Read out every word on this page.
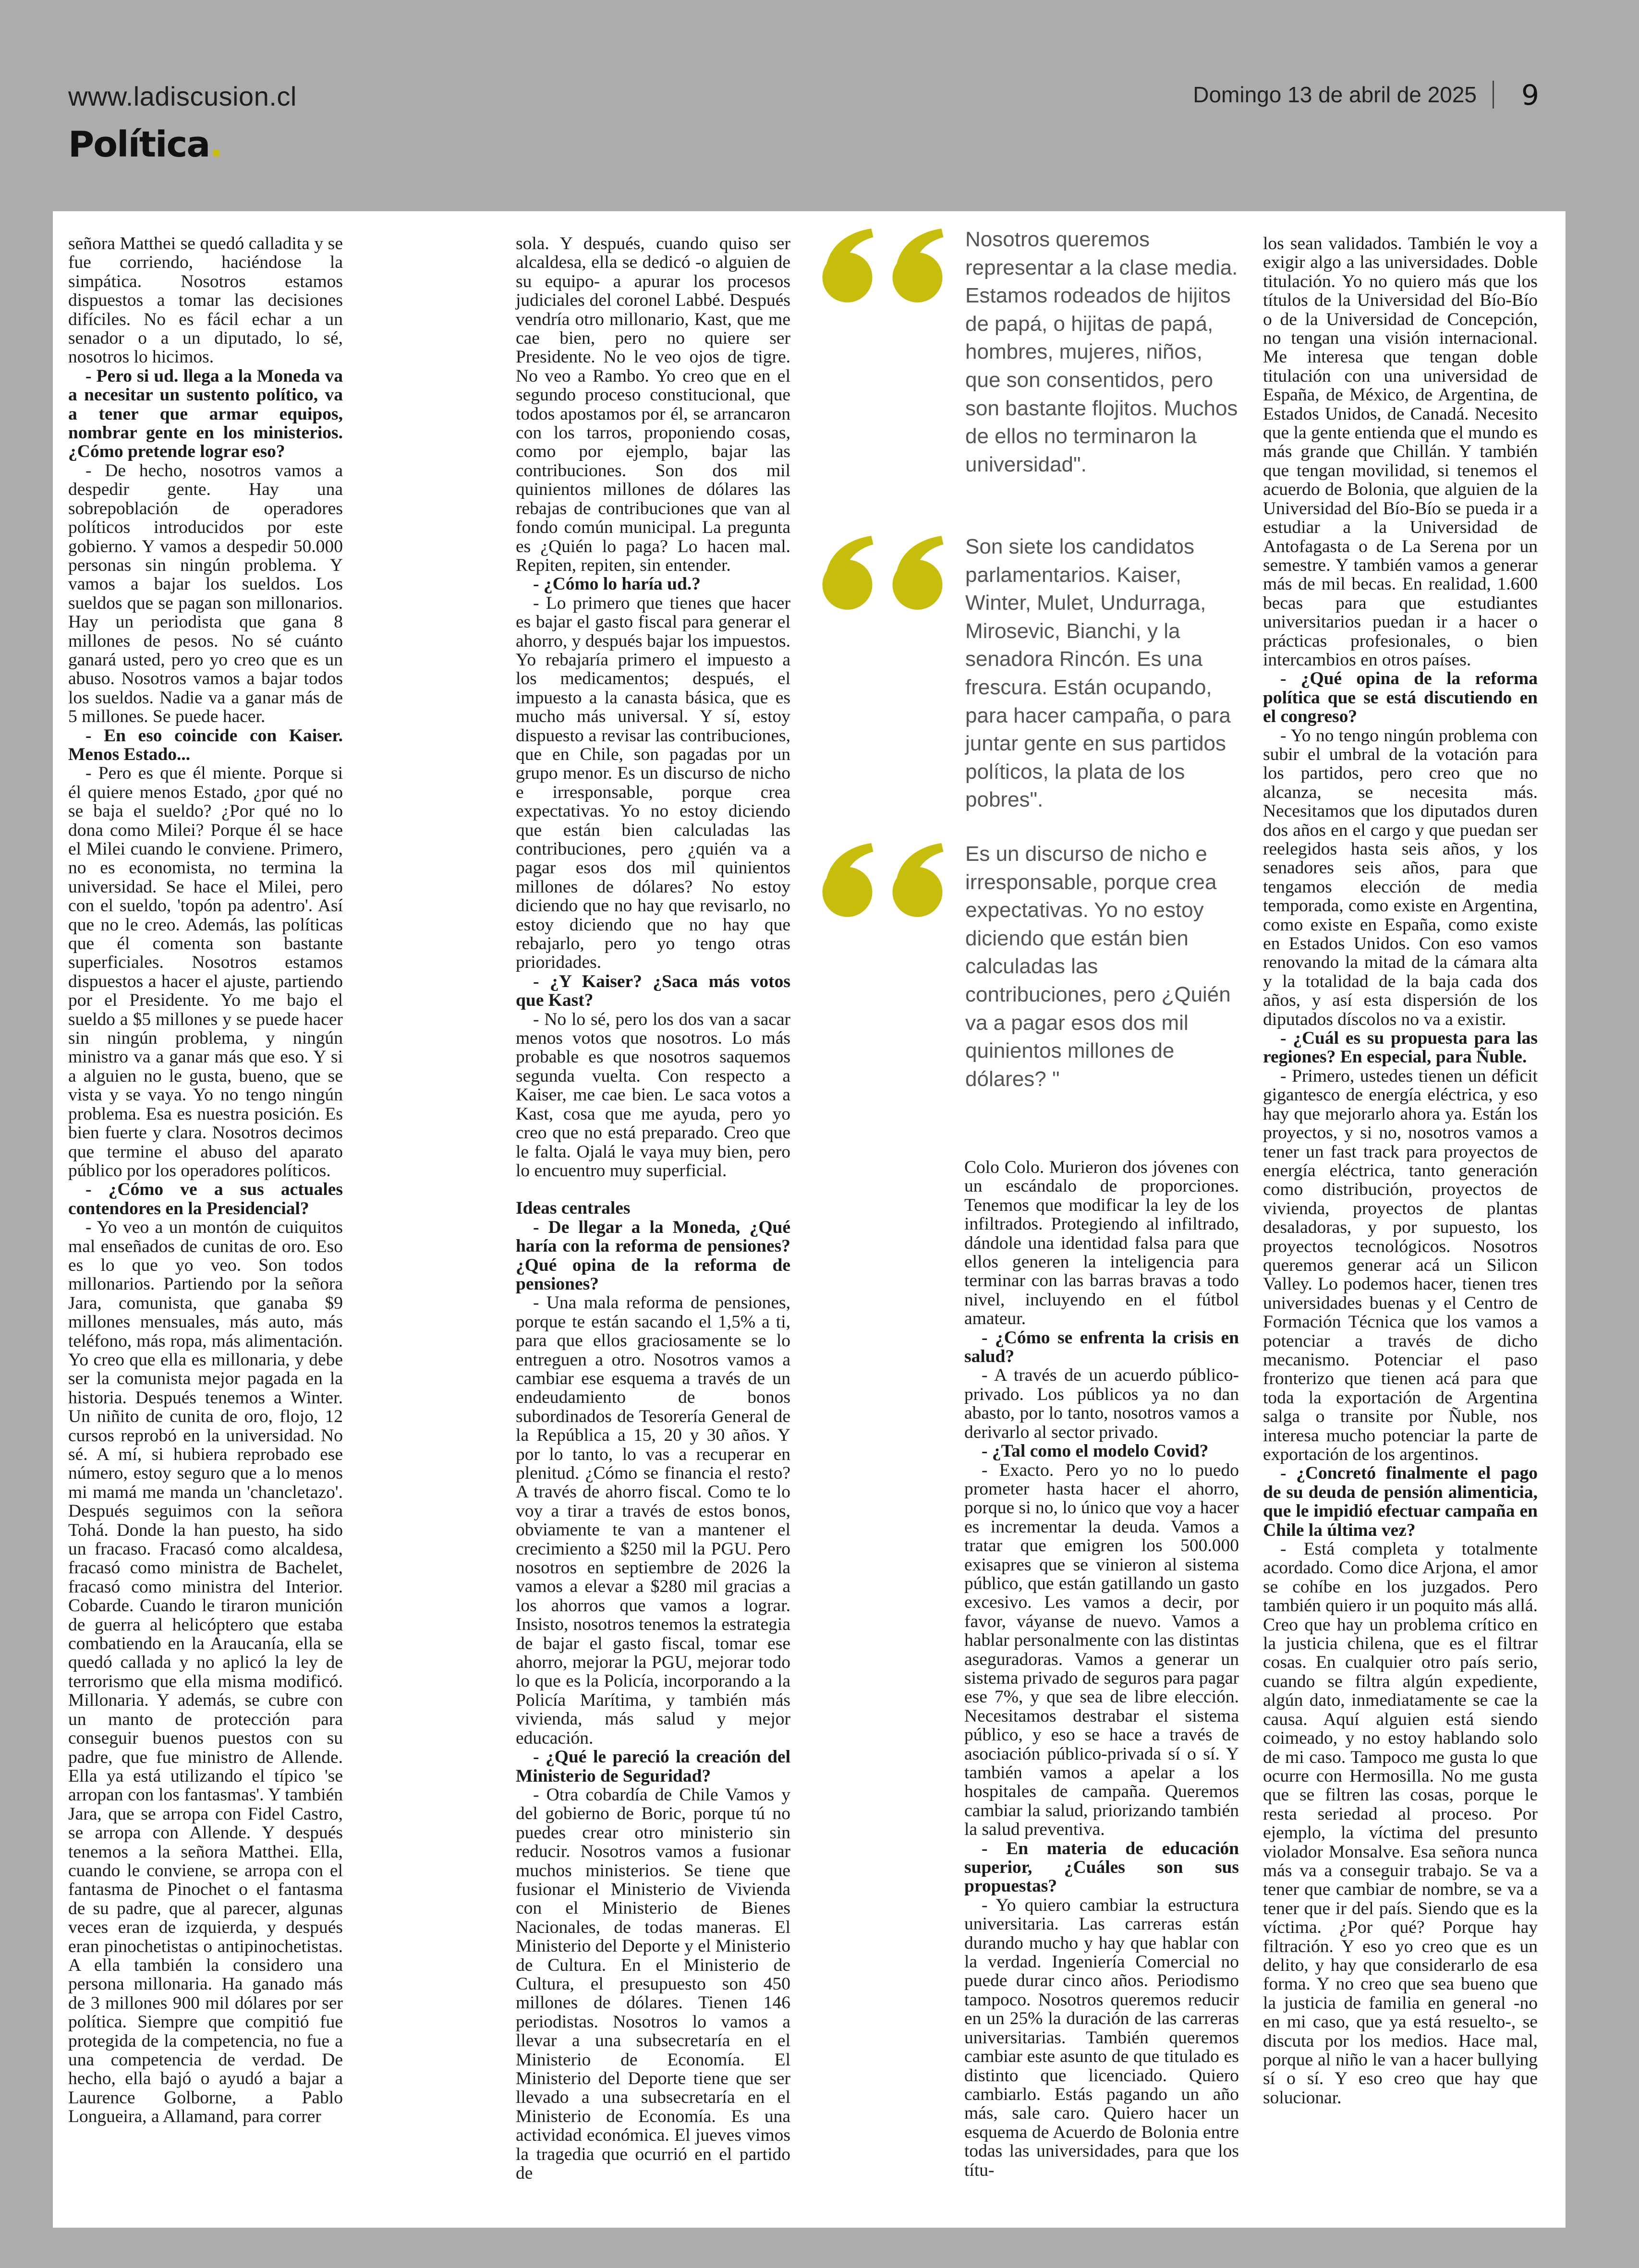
www.ladiscusion.cl
Política.
Domingo 13 de abril de 2025 9

señora Matthei se quedó calladita y se fue corriendo, haciéndose la simpática. Nosotros estamos dispuestos a tomar las decisiones difíciles. No es fácil echar a un senador o a un diputado, lo sé, nosotros lo hicimos.

- Pero si ud. llega a la Moneda va a necesitar un sustento político, va a tener que armar equipos, nombrar gente en los ministerios. ¿Cómo pretende lograr eso?

- De hecho, nosotros vamos a despedir gente. Hay una sobrepoblación de operadores políticos introducidos por este gobierno. Y vamos a despedir 50.000 personas sin ningún problema. Y vamos a bajar los sueldos. Los sueldos que se pagan son millonarios. Hay un periodista que gana 8 millones de pesos. No sé cuánto ganará usted, pero yo creo que es un abuso. Nosotros vamos a bajar todos los sueldos. Nadie va a ganar más de 5 millones. Se puede hacer.

- En eso coincide con Kaiser. Menos Estado...

- Pero es que él miente. Porque si él quiere menos Estado, ¿por qué no se baja el sueldo? ¿Por qué no lo dona como Milei? Porque él se hace el Milei cuando le conviene. Primero, no es economista, no termina la universidad. Se hace el Milei, pero con el sueldo, 'topón pa adentro'. Así que no le creo. Además, las políticas que él comenta son bastante superficiales. Nosotros estamos dispuestos a hacer el ajuste, partiendo por el Presidente. Yo me bajo el sueldo a $5 millones y se puede hacer sin ningún problema, y ningún ministro va a ganar más que eso. Y si a alguien no le gusta, bueno, que se vista y se vaya. Yo no tengo ningún problema. Esa es nuestra posición. Es bien fuerte y clara. Nosotros decimos que termine el abuso del aparato público por los operadores políticos.

- ¿Cómo ve a sus actuales contendores en la Presidencial?

- Yo veo a un montón de cuiquitos mal enseñados de cunitas de oro. Eso es lo que yo veo. Son todos millonarios. Partiendo por la señora Jara, comunista, que ganaba $9 millones mensuales, más auto, más teléfono, más ropa, más alimentación. Yo creo que ella es millonaria, y debe ser la comunista mejor pagada en la historia. Después tenemos a Winter. Un niñito de cunita de oro, flojo, 12 cursos reprobó en la universidad. No sé. A mí, si hubiera reprobado ese número, estoy seguro que a lo menos mi mamá me manda un 'chancletazo'. Después seguimos con la señora Tohá. Donde la han puesto, ha sido un fracaso. Fracasó como alcaldesa, fracasó como ministra de Bachelet, fracasó como ministra del Interior. Cobarde. Cuando le tiraron munición de guerra al helicóptero que estaba combatiendo en la Araucanía, ella se quedó callada y no aplicó la ley de terrorismo que ella misma modificó. Millonaria. Y además, se cubre con un manto de protección para conseguir buenos puestos con su padre, que fue ministro de Allende. Ella ya está utilizando el típico 'se arropan con los fantasmas'. Y también Jara, que se arropa con Fidel Castro, se arropa con Allende. Y después tenemos a la señora Matthei. Ella, cuando le conviene, se arropa con el fantasma de Pinochet o el fantasma de su padre, que al parecer, algunas veces eran de izquierda, y después eran pinochetistas o antipinochetistas. A ella también la considero una persona millonaria. Ha ganado más de 3 millones 900 mil dólares por ser política. Siempre que compitió fue protegida de la competencia, no fue a una competencia de verdad. De hecho, ella bajó o ayudó a bajar a Laurence Golborne, a Pablo Longueira, a Allamand, para correr

sola. Y después, cuando quiso ser alcaldesa, ella se dedicó -o alguien de su equipo- a apurar los procesos judiciales del coronel Labbé. Después vendría otro millonario, Kast, que me cae bien, pero no quiere ser Presidente. No le veo ojos de tigre. No veo a Rambo. Yo creo que en el segundo proceso constitucional, que todos apostamos por él, se arrancaron con los tarros, proponiendo cosas, como por ejemplo, bajar las contribuciones. Son dos mil quinientos millones de dólares las rebajas de contribuciones que van al fondo común municipal. La pregunta es ¿Quién lo paga? Lo hacen mal. Repiten, repiten, sin entender.

- ¿Cómo lo haría ud.?

- Lo primero que tienes que hacer es bajar el gasto fiscal para generar el ahorro, y después bajar los impuestos. Yo rebajaría primero el impuesto a los medicamentos; después, el impuesto a la canasta básica, que es mucho más universal. Y sí, estoy dispuesto a revisar las contribuciones, que en Chile, son pagadas por un grupo menor. Es un discurso de nicho e irresponsable, porque crea expectativas. Yo no estoy diciendo que están bien calculadas las contribuciones, pero ¿quién va a pagar esos dos mil quinientos millones de dólares? No estoy diciendo que no hay que revisarlo, no estoy diciendo que no hay que rebajarlo, pero yo tengo otras prioridades.

- ¿Y Kaiser? ¿Saca más votos que Kast?

- No lo sé, pero los dos van a sacar menos votos que nosotros. Lo más probable es que nosotros saquemos segunda vuelta. Con respecto a Kaiser, me cae bien. Le saca votos a Kast, cosa que me ayuda, pero yo creo que no está preparado. Creo que le falta. Ojalá le vaya muy bien, pero lo encuentro muy superficial.

Ideas centrales

- De llegar a la Moneda, ¿Qué haría con la reforma de pensiones? ¿Qué opina de la reforma de pensiones?

- Una mala reforma de pensiones, porque te están sacando el 1,5% a ti, para que ellos graciosamente se lo entreguen a otro. Nosotros vamos a cambiar ese esquema a través de un endeudamiento de bonos subordinados de Tesorería General de la República a 15, 20 y 30 años. Y por lo tanto, lo vas a recuperar en plenitud. ¿Cómo se financia el resto? A través de ahorro fiscal. Como te lo voy a tirar a través de estos bonos, obviamente te van a mantener el crecimiento a $250 mil la PGU. Pero nosotros en septiembre de 2026 la vamos a elevar a $280 mil gracias a los ahorros que vamos a lograr. Insisto, nosotros tenemos la estrategia de bajar el gasto fiscal, tomar ese ahorro, mejorar la PGU, mejorar todo lo que es la Policía, incorporando a la Policía Marítima, y también más vivienda, más salud y mejor educación.

- ¿Qué le pareció la creación del Ministerio de Seguridad?

- Otra cobardía de Chile Vamos y del gobierno de Boric, porque tú no puedes crear otro ministerio sin reducir. Nosotros vamos a fusionar muchos ministerios. Se tiene que fusionar el Ministerio de Vivienda con el Ministerio de Bienes Nacionales, de todas maneras. El Ministerio del Deporte y el Ministerio de Cultura. En el Ministerio de Cultura, el presupuesto son 450 millones de dólares. Tienen 146 periodistas. Nosotros lo vamos a llevar a una subsecretaría en el Ministerio de Economía. El Ministerio del Deporte tiene que ser llevado a una subsecretaría en el Ministerio de Economía. Es una actividad económica. El jueves vimos la tragedia que ocurrió en el partido de

Colo Colo. Murieron dos jóvenes con un escándalo de proporciones. Tenemos que modificar la ley de los infiltrados. Protegiendo al infiltrado, dándole una identidad falsa para que ellos generen la inteligencia para terminar con las barras bravas a todo nivel, incluyendo en el fútbol amateur.

- ¿Cómo se enfrenta la crisis en salud?

- A través de un acuerdo público-privado. Los públicos ya no dan abasto, por lo tanto, nosotros vamos a derivarlo al sector privado.

- ¿Tal como el modelo Covid?

- Exacto. Pero yo no lo puedo prometer hasta hacer el ahorro, porque si no, lo único que voy a hacer es incrementar la deuda. Vamos a tratar que emigren los 500.000 exisapres que se vinieron al sistema público, que están gatillando un gasto excesivo. Les vamos a decir, por favor, váyanse de nuevo. Vamos a hablar personalmente con las distintas aseguradoras. Vamos a generar un sistema privado de seguros para pagar ese 7%, y que sea de libre elección. Necesitamos destrabar el sistema público, y eso se hace a través de asociación público-privada sí o sí. Y también vamos a apelar a los hospitales de campaña. Queremos cambiar la salud, priorizando también la salud preventiva.

- En materia de educación superior, ¿Cuáles son sus propuestas?

- Yo quiero cambiar la estructura universitaria. Las carreras están durando mucho y hay que hablar con la verdad. Ingeniería Comercial no puede durar cinco años. Periodismo tampoco. Nosotros queremos reducir en un 25% la duración de las carreras universitarias. También queremos cambiar este asunto de que titulado es distinto que licenciado. Quiero cambiarlo. Estás pagando un año más, sale caro. Quiero hacer un esquema de Acuerdo de Bolonia entre todas las universidades, para que los títu-

los sean validados. También le voy a exigir algo a las universidades. Doble titulación. Yo no quiero más que los títulos de la Universidad del Bío-Bío o de la Universidad de Concepción, no tengan una visión internacional. Me interesa que tengan doble titulación con una universidad de España, de México, de Argentina, de Estados Unidos, de Canadá. Necesito que la gente entienda que el mundo es más grande que Chillán. Y también que tengan movilidad, si tenemos el acuerdo de Bolonia, que alguien de la Universidad del Bío-Bío se pueda ir a estudiar a la Universidad de Antofagasta o de La Serena por un semestre. Y también vamos a generar más de mil becas. En realidad, 1.600 becas para que estudiantes universitarios puedan ir a hacer o prácticas profesionales, o bien intercambios en otros países.

- ¿Qué opina de la reforma política que se está discutiendo en el congreso?

- Yo no tengo ningún problema con subir el umbral de la votación para los partidos, pero creo que no alcanza, se necesita más. Necesitamos que los diputados duren dos años en el cargo y que puedan ser reelegidos hasta seis años, y los senadores seis años, para que tengamos elección de media temporada, como existe en Argentina, como existe en España, como existe en Estados Unidos. Con eso vamos renovando la mitad de la cámara alta y la totalidad de la baja cada dos años, y así esta dispersión de los diputados díscolos no va a existir.

- ¿Cuál es su propuesta para las regiones? En especial, para Ñuble.

- Primero, ustedes tienen un déficit gigantesco de energía eléctrica, y eso hay que mejorarlo ahora ya. Están los proyectos, y si no, nosotros vamos a tener un fast track para proyectos de energía eléctrica, tanto generación como distribución, proyectos de vivienda, proyectos de plantas desaladoras, y por supuesto, los proyectos tecnológicos. Nosotros queremos generar acá un Silicon Valley. Lo podemos hacer, tienen tres universidades buenas y el Centro de Formación Técnica que los vamos a potenciar a través de dicho mecanismo. Potenciar el paso fronterizo que tienen acá para que toda la exportación de Argentina salga o transite por Ñuble, nos interesa mucho potenciar la parte de exportación de los argentinos.

- ¿Concretó finalmente el pago de su deuda de pensión alimenticia, que le impidió efectuar campaña en Chile la última vez?

- Está completa y totalmente acordado. Como dice Arjona, el amor se cohíbe en los juzgados. Pero también quiero ir un poquito más allá. Creo que hay un problema crítico en la justicia chilena, que es el filtrar cosas. En cualquier otro país serio, cuando se filtra algún expediente, algún dato, inmediatamente se cae la causa. Aquí alguien está siendo coimeado, y no estoy hablando solo de mi caso. Tampoco me gusta lo que ocurre con Hermosilla. No me gusta que se filtren las cosas, porque le resta seriedad al proceso. Por ejemplo, la víctima del presunto violador Monsalve. Esa señora nunca más va a conseguir trabajo. Se va a tener que cambiar de nombre, se va a tener que ir del país. Siendo que es la víctima. ¿Por qué? Porque hay filtración. Y eso yo creo que es un delito, y hay que considerarlo de esa forma. Y no creo que sea bueno que la justicia de familia en general -no en mi caso, que ya está resuelto-, se discuta por los medios. Hace mal, porque al niño le van a hacer bullying sí o sí. Y eso creo que hay que solucionar.

Nosotros queremos representar a la clase media. Estamos rodeados de hijitos de papá, o hijitas de papá, hombres, mujeres, niños, que son consentidos, pero son bastante flojitos. Muchos de ellos no terminaron la universidad".
Son siete los candidatos parlamentarios. Kaiser, Winter, Mulet, Undurraga, Mirosevic, Bianchi, y la senadora Rincón. Es una frescura. Están ocupando, para hacer campaña, o para juntar gente en sus partidos políticos, la plata de los pobres".
Es un discurso de nicho e irresponsable, porque crea expectativas. Yo no estoy diciendo que están bien calculadas las contribuciones, pero ¿Quién va a pagar esos dos mil quinientos millones de dólares? "
